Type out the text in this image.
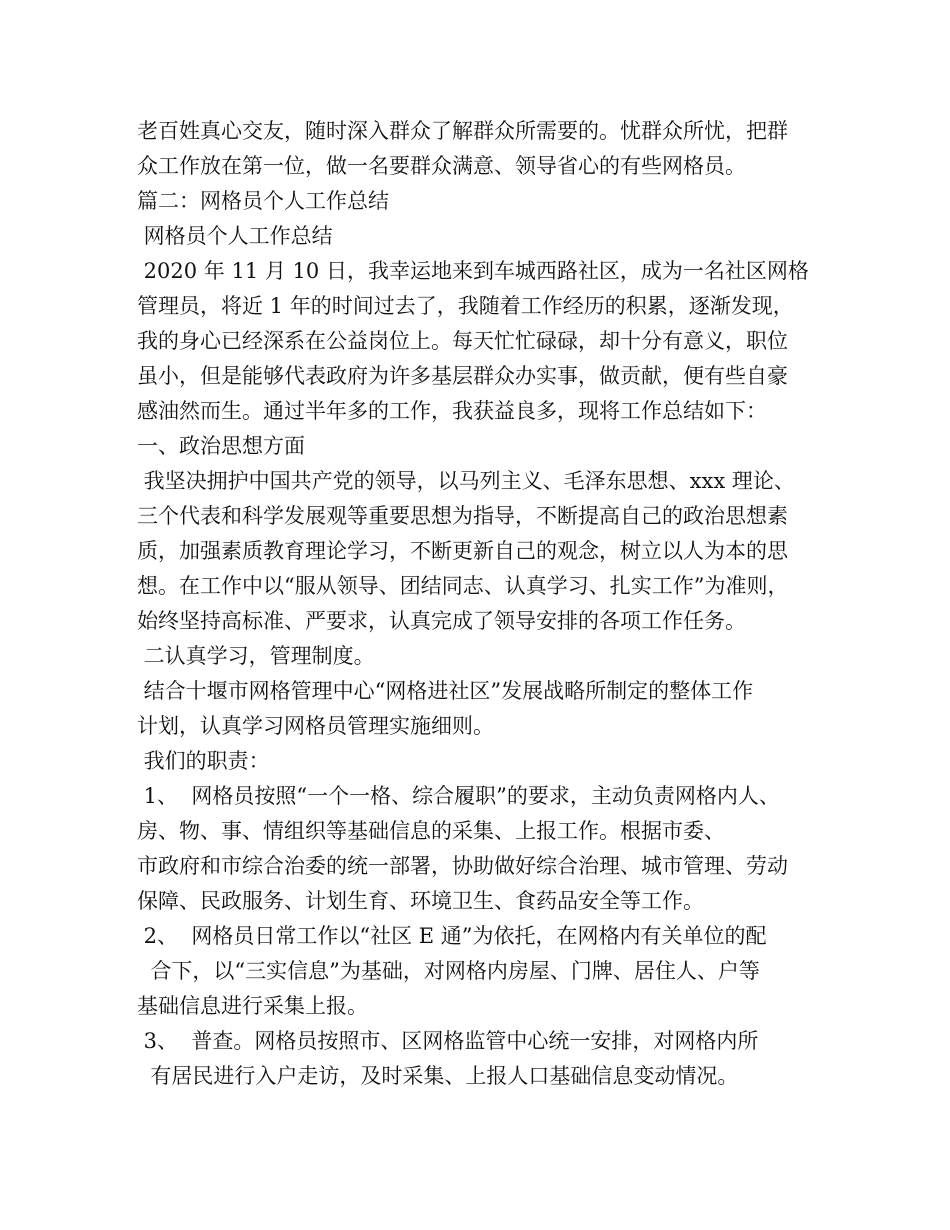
老百姓真心交友，随时深入群众了解群众所需要的。忧群众所忧，把群
众工作放在第一位，做一名要群众满意、领导省心的有些网格员。
篇二：网格员个人工作总结
网格员个人工作总结
2020 年 11 月 10 日，我幸运地来到车城西路社区，成为一名社区网格
管理员，将近 1 年的时间过去了，我随着工作经历的积累，逐渐发现，
我的身心已经深系在公益岗位上。每天忙忙碌碌，却十分有意义，职位
虽小，但是能够代表政府为许多基层群众办实事，做贡献，便有些自豪
感油然而生。通过半年多的工作，我获益良多，现将工作总结如下：
一、政治思想方面
我坚决拥护中国共产党的领导，以马列主义、毛泽东思想、xxx 理论、
三个代表和科学发展观等重要思想为指导，不断提高自己的政治思想素
质，加强素质教育理论学习，不断更新自己的观念，树立以人为本的思
想。在工作中以“服从领导、团结同志、认真学习、扎实工作”为准则，
始终坚持高标准、严要求，认真完成了领导安排的各项工作任务。
二认真学习，管理制度。
结合十堰市网格管理中心“网格进社区”发展战略所制定的整体工作
计划，认真学习网格员管理实施细则。
我们的职责：
1、  网格员按照“一个一格、综合履职”的要求，主动负责网格内人、
房、物、事、情组织等基础信息的采集、上报工作。根据市委、
市政府和市综合治委的统一部署，协助做好综合治理、城市管理、劳动
保障、民政服务、计划生育、环境卫生、食药品安全等工作。
2、  网格员日常工作以“社区 E 通”为依托，在网格内有关单位的配
合下，以“三实信息”为基础，对网格内房屋、门牌、居住人、户等
基础信息进行采集上报。
3、  普查。网格员按照市、区网格监管中心统一安排，对网格内所
有居民进行入户走访，及时采集、上报人口基础信息变动情况。
